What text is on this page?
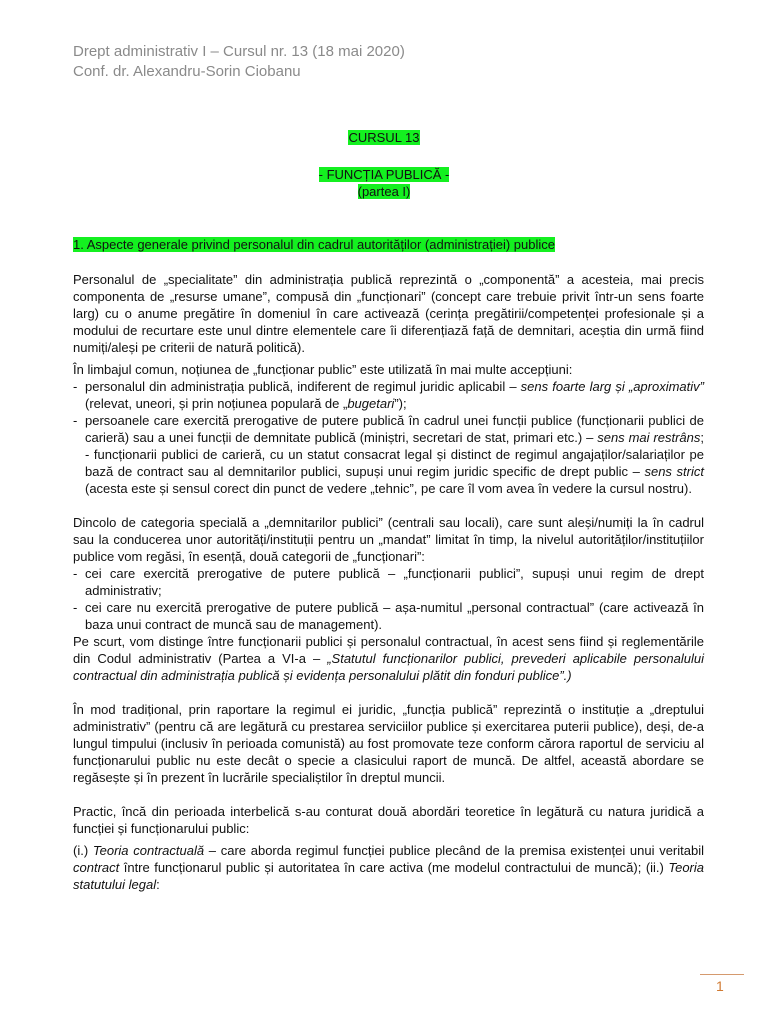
Drept administrativ I – Cursul nr. 13 (18 mai 2020)
Conf. dr. Alexandru-Sorin Ciobanu
CURSUL 13
- FUNCȚIA PUBLICĂ -
(partea I)
1. Aspecte generale privind personalul din cadrul autorităților (administrației) publice

Personalul de „specialitate” din administrația publică reprezintă o „componentă” a acesteia, mai precis componenta de „resurse umane”, compusă din „funcționari” (concept care trebuie privit într-un sens foarte larg) cu o anume pregătire în domeniul în care activează (cerința pregătirii/competenței profesionale și a modului de recurtare este unul dintre elementele care îi diferențiază față de demnitari, aceștia din urmă fiind numiți/aleși pe criterii de natură politică).

În limbajul comun, noțiunea de „funcționar public” este utilizată în mai multe accepțiuni:

- personalul din administrația publică, indiferent de regimul juridic aplicabil – sens foarte larg și „aproximativ” (relevat, uneori, și prin noțiunea populară de „bugetari”);
- persoanele care exercită prerogative de putere publică în cadrul unei funcții publice (funcționarii publici de carieră) sau a unei funcții de demnitate publică (miniștri, secretari de stat, primari etc.) – sens mai restrâns; - funcționarii publici de carieră, cu un statut consacrat legal și distinct de regimul angajaților/salariaților pe bază de contract sau al demnitarilor publici, supuși unui regim juridic specific de drept public – sens strict (acesta este și sensul corect din punct de vedere „tehnic”, pe care îl vom avea în vedere la cursul nostru).

Dincolo de categoria specială a „demnitarilor publici” (centrali sau locali), care sunt aleși/numiți la în cadrul sau la conducerea unor autorități/instituții pentru un „mandat” limitat în timp, la nivelul autorităților/instituțiilor publice vom regăsi, în esență, două categorii de „funcționari”:

- cei care exercită prerogative de putere publică – „funcționarii publici”, supuși unui regim de drept administrativ;
- cei care nu exercită prerogative de putere publică – așa-numitul „personal contractual” (care activează în baza unui contract de muncă sau de management).

Pe scurt, vom distinge între funcționarii publici și personalul contractual, în acest sens fiind și reglementările din Codul administrativ (Partea a VI-a – „Statutul funcționarilor publici, prevederi aplicabile personalului contractual din administrația publică și evidența personalului plătit din fonduri publice”.)

În mod tradițional, prin raportare la regimul ei juridic, „funcția publică” reprezintă o instituție a „dreptului administrativ” (pentru că are legătură cu prestarea serviciilor publice și exercitarea puterii publice), deși, de-a lungul timpului (inclusiv în perioada comunistă) au fost promovate teze conform cărora raportul de serviciu al funcționarului public nu este decât o specie a clasicului raport de muncă. De altfel, această abordare se regăsește și în prezent în lucrările specialiștilor în dreptul muncii.

Practic, încă din perioada interbelică s-au conturat două abordări teoretice în legătură cu natura juridică a funcției și funcționarului public:

(i.) Teoria contractuală – care aborda regimul funcției publice plecând de la premisa existenței unui veritabil contract între funcționarul public și autoritatea în care activa (me modelul contractului de muncă); (ii.) Teoria statutului legal:

1
